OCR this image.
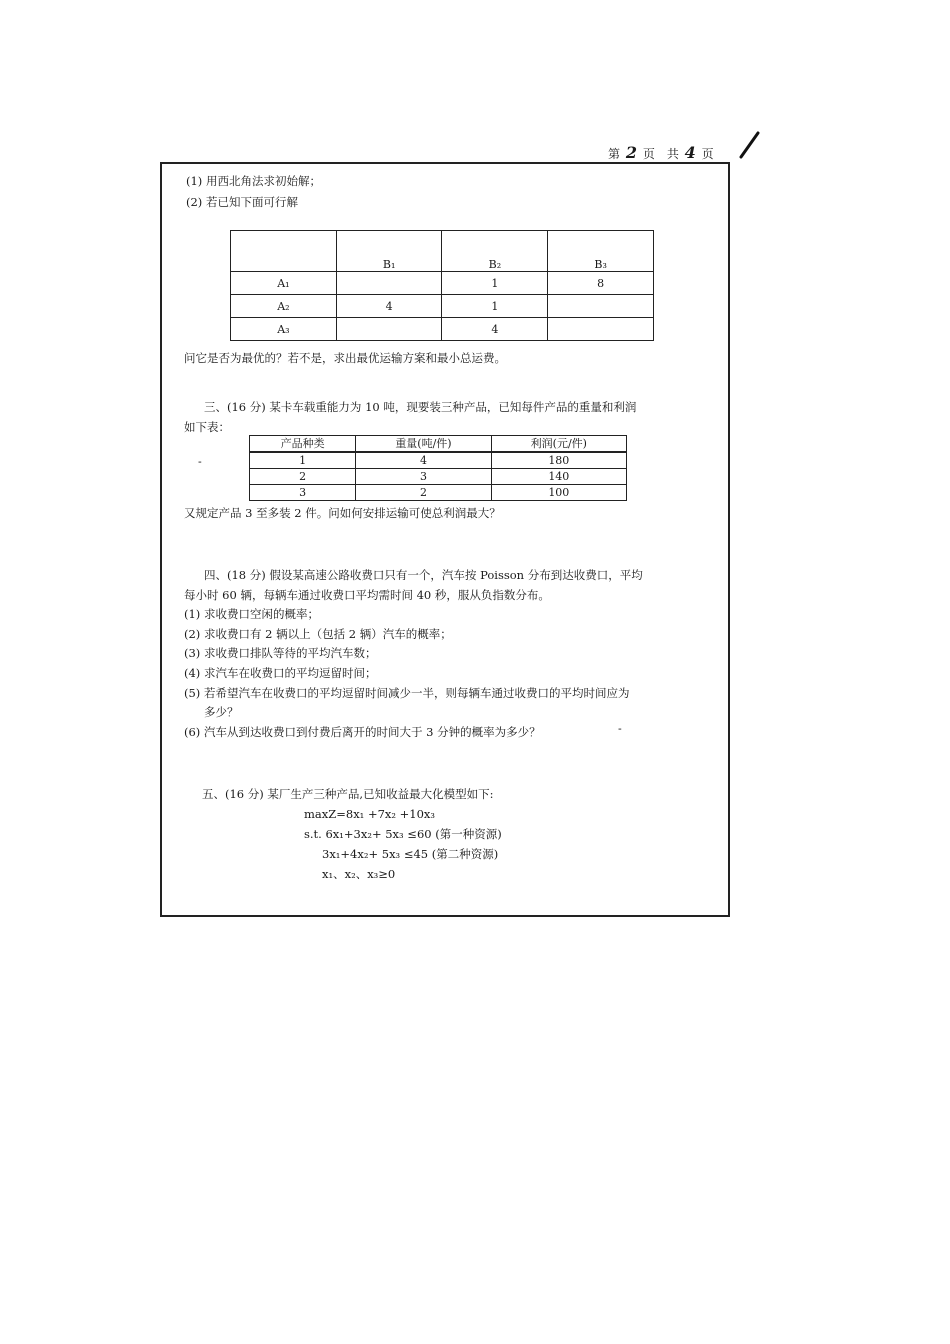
第 2 页　共 4 页
(1) 用西北角法求初始解；
(2) 若已知下面可行解
	B₁	B₂	B₃
A₁		1	8
A₂	4	1	
A₃		4	
问它是否为最优的？若不是，求出最优运输方案和最小总运费。
三、(16 分) 某卡车载重能力为 10 吨，现要装三种产品，已知每件产品的重量和利润
如下表：
-
产品种类	重量(吨/件)	利润(元/件)
1	4	180
2	3	140
3	2	100
又规定产品 3 至多装 2 件。问如何安排运输可使总利润最大？
四、(18 分) 假设某高速公路收费口只有一个，汽车按 Poisson 分布到达收费口，平均
每小时 60 辆，每辆车通过收费口平均需时间 40 秒，服从负指数分布。
(1) 求收费口空闲的概率；
(2) 求收费口有 2 辆以上（包括 2 辆）汽车的概率；
(3) 求收费口排队等待的平均汽车数；
(4) 求汽车在收费口的平均逗留时间；
(5) 若希望汽车在收费口的平均逗留时间减少一半，则每辆车通过收费口的平均时间应为
多少？
(6) 汽车从到达收费口到付费后离开的时间大于 3 分钟的概率为多少？	-
五、(16 分) 某厂生产三种产品,已知收益最大化模型如下:
maxZ=8x₁ +7x₂ +10x₃
s.t. 6x₁+3x₂+ 5x₃ ≤60 (第一种资源)
3x₁+4x₂+ 5x₃ ≤45 (第二种资源)
x₁、x₂、x₃≥0
